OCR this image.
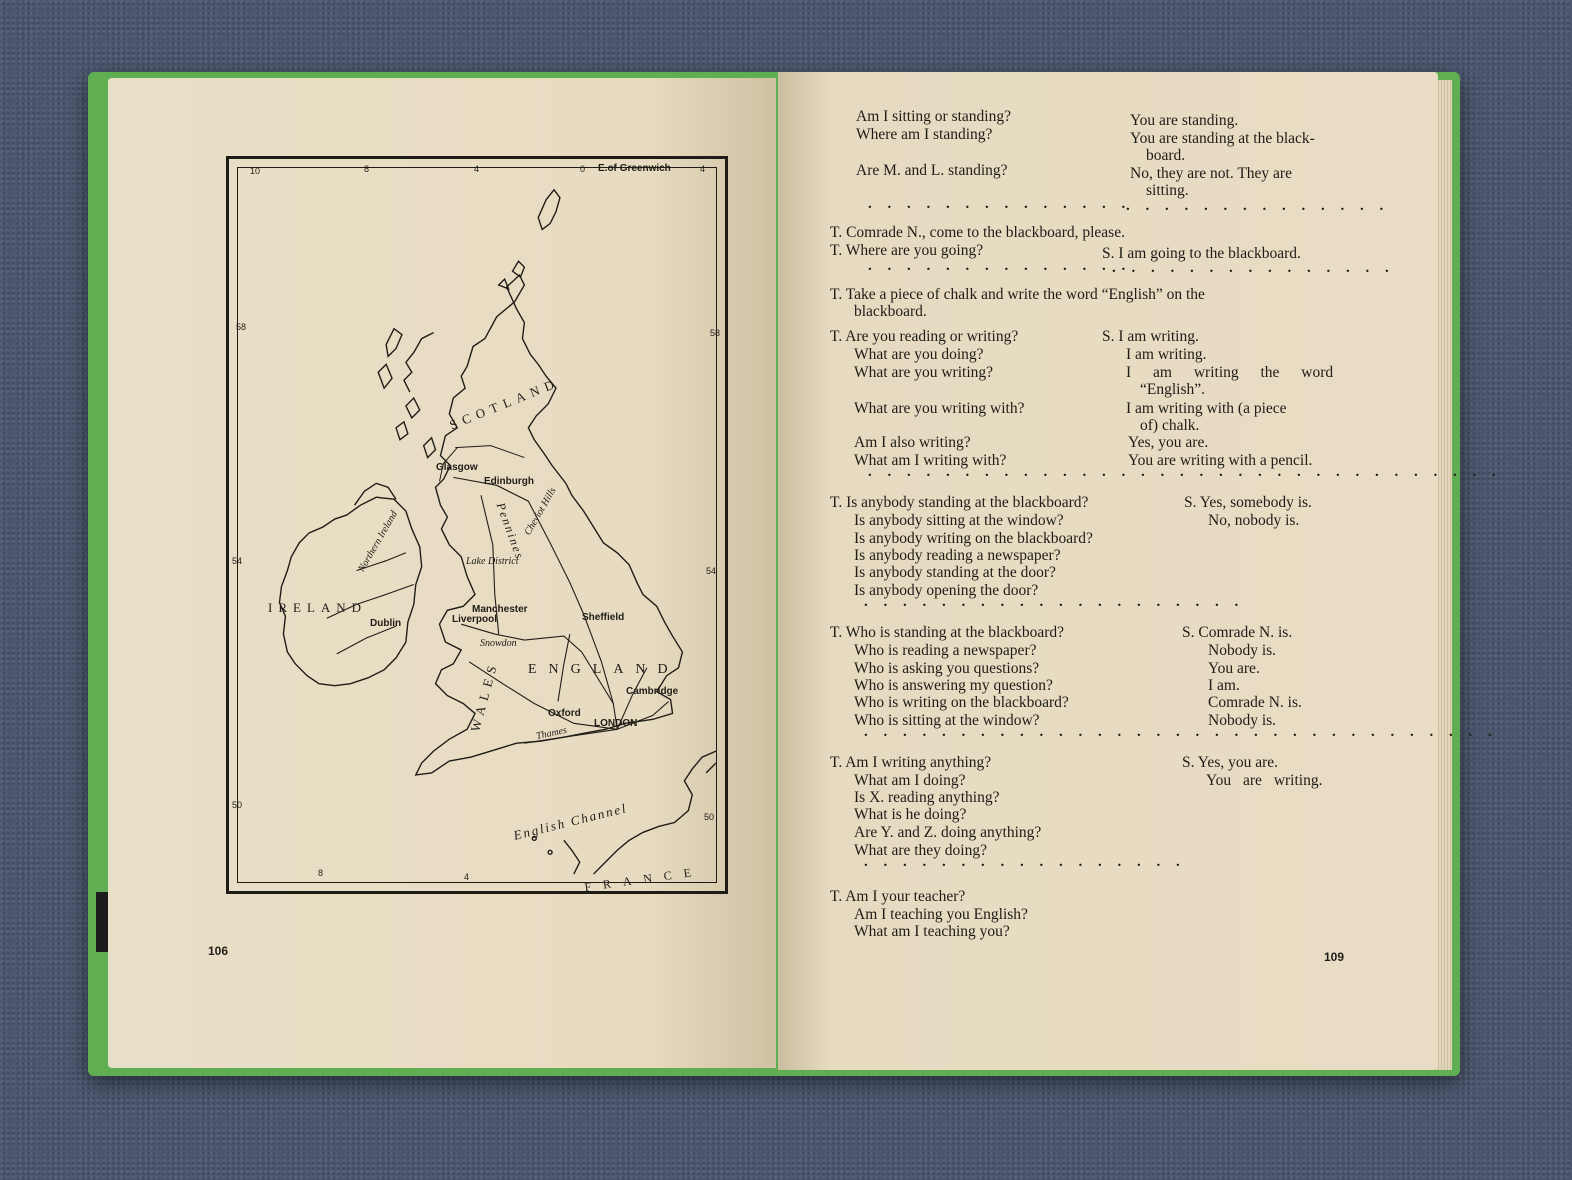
10	8	4	0 E.of Greenwich	4
8	4
58
54
50
58
54
50
SCOTLAND
IRELAND
Northern Ireland
WALES ENGLAND
FRANCE
Pennines
Cheviot Hills
Lake District
Snowdon
Thames
English Channel
Glasgow
Edinburgh
Dublin
Manchester
Liverpool	Sheffield
Cambridge
Oxford
LONDON
106
Am I sitting or standing?	You are standing.
Where am I standing?	You are standing at the black-
board.
Are M. and L. standing?	No, they are not. They are
sitting.
. . . . . . . . . . . . . .
. . . . . . . . . . . . . .
T. Comrade N., come to the blackboard, please.
T. Where are you going?	S. I am going to the blackboard.
. . . . . . . . . . . . . .
. . . . . . . . . . . . . . .
T. Take a piece of chalk and write the word “English” on the
blackboard.
T. Are you reading or writing?	S. I am writing.
What are you doing?	I am writing.
What are you writing?	I am writing the word
“English”.
What are you writing with?	I am writing with (a piece
of) chalk.
Am I also writing?	Yes, you are.
What am I writing with?	You are writing with a pencil.
. . . . . . . . . . . . . . . . . . . . . . . . . . . . . . . . .
T. Is anybody standing at the blackboard?	S. Yes, somebody is.
Is anybody sitting at the window?	No, nobody is.
Is anybody writing on the blackboard?
Is anybody reading a newspaper?
Is anybody standing at the door?
Is anybody opening the door?
. . . . . . . . . . . . . . . . . . . .
T. Who is standing at the blackboard?	S. Comrade N. is.
Who is reading a newspaper?	Nobody is.
Who is asking you questions?	You are.
Who is answering my question?	I am.
Who is writing on the blackboard?	Comrade N. is.
Who is sitting at the window?	Nobody is.
. . . . . . . . . . . . . . . . . . . . . . . . . . . . . . . . .
T. Am I writing anything?	S. Yes, you are.
What am I doing?	You are writing.
Is X. reading anything?
What is he doing?
Are Y. and Z. doing anything?
What are they doing?
. . . . . . . . . . . . . . . . .
T. Am I your teacher?
Am I teaching you English?
What am I teaching you?
109
